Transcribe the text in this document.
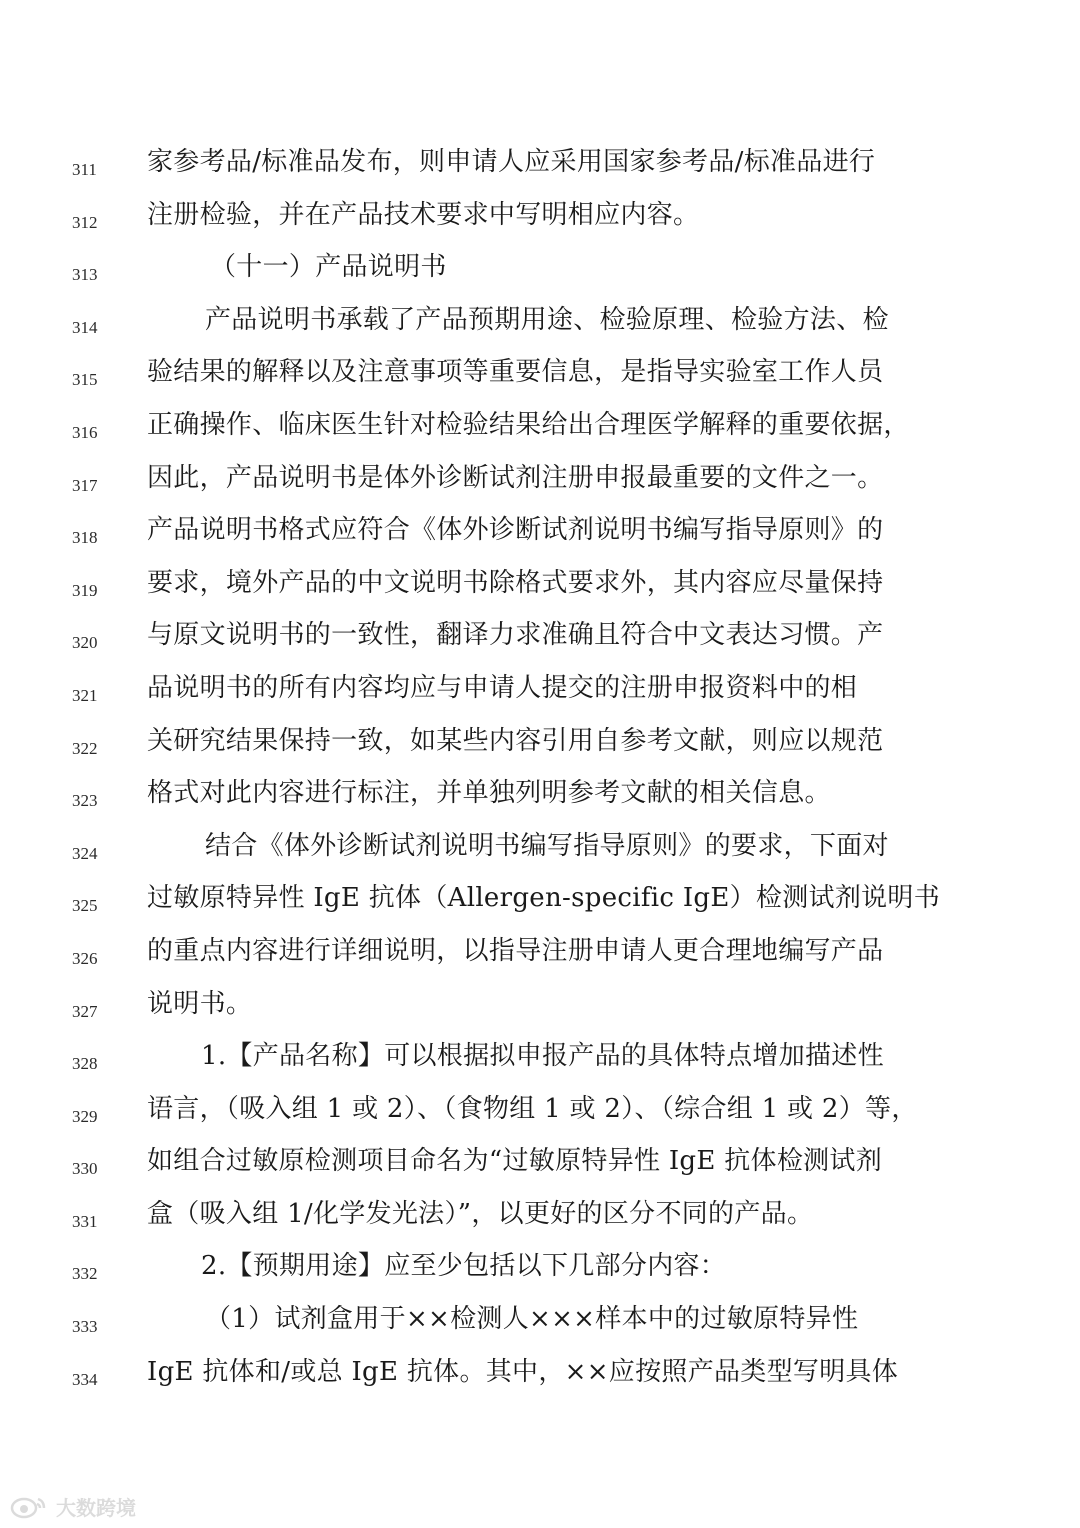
311	家参考品/标准品发布，则申请人应采用国家参考品/标准品进行
312	注册检验，并在产品技术要求中写明相应内容。
313	（十一）产品说明书
314	产品说明书承载了产品预期用途、检验原理、检验方法、检
315	验结果的解释以及注意事项等重要信息，是指导实验室工作人员
316	正确操作、临床医生针对检验结果给出合理医学解释的重要依据，
317	因此，产品说明书是体外诊断试剂注册申报最重要的文件之一。
318	产品说明书格式应符合《体外诊断试剂说明书编写指导原则》的
319	要求，境外产品的中文说明书除格式要求外，其内容应尽量保持
320	与原文说明书的一致性，翻译力求准确且符合中文表达习惯。产
321	品说明书的所有内容均应与申请人提交的注册申报资料中的相
322	关研究结果保持一致，如某些内容引用自参考文献，则应以规范
323	格式对此内容进行标注，并单独列明参考文献的相关信息。
324	结合《体外诊断试剂说明书编写指导原则》的要求，下面对
325	过敏原特异性 IgE 抗体（Allergen-specific IgE）检测试剂说明书
326	的重点内容进行详细说明，以指导注册申请人更合理地编写产品
327	说明书。
328	1.【产品名称】可以根据拟申报产品的具体特点增加描述性
329	语言，（吸入组 1 或 2）、（食物组 1 或 2）、（综合组 1 或 2）等，
330	如组合过敏原检测项目命名为“过敏原特异性 IgE 抗体检测试剂
331	盒（吸入组 1/化学发光法）”，以更好的区分不同的产品。
332	2.【预期用途】应至少包括以下几部分内容：
333	（1）试剂盒用于××检测人×××样本中的过敏原特异性
334	IgE 抗体和/或总 IgE 抗体。其中，××应按照产品类型写明具体
大数跨境
